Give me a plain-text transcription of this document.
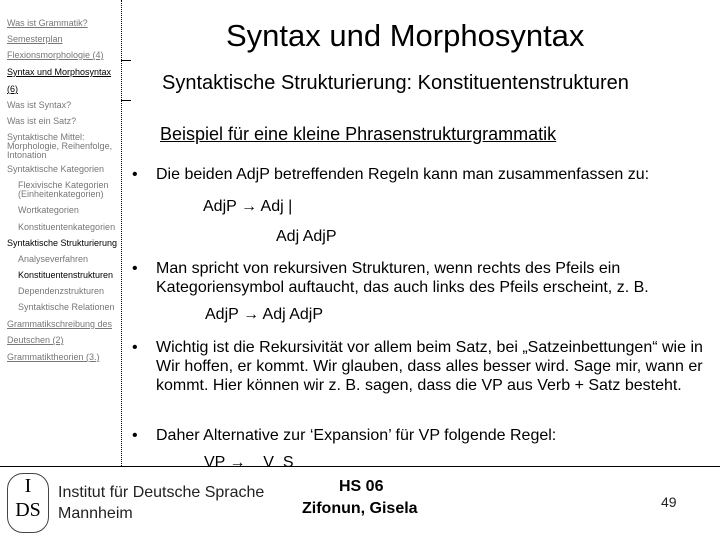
Was ist Grammatik?
Semesterplan
Flexionsmorphologie (4)
Syntax und Morphosyntax
(6)
Was ist Syntax?
Was ist ein Satz?
Syntaktische Mittel:
Morphologie, Reihenfolge,
Intonation
Syntaktische Kategorien
Flexivische Kategorien
(Einheitenkategorien)
Wortkategorien
Konstituentenkategorien
Syntaktische Strukturierung
Analyseverfahren
Konstituentenstrukturen
Dependenzstrukturen
Syntaktische Relationen
Grammatikschreibung des
Deutschen (2)
Grammatiktheorien (3.)
Syntax und Morphosyntax
Syntaktische Strukturierung: Konstituentenstrukturen
Beispiel für eine kleine Phrasenstrukturgrammatik
• Die beiden AdjP betreffenden Regeln kann man zusammenfassen zu:
AdjP → Adj |
Adj AdjP
• Man spricht von rekursiven Strukturen, wenn rechts des Pfeils ein Kategoriensymbol auftaucht, das auch links des Pfeils erscheint, z. B.
AdjP → Adj AdjP
• Wichtig ist die Rekursivität vor allem beim Satz, bei „Satzeinbettungen“ wie in Wir hoffen, er kommt. Wir glauben, dass alles besser wird. Sage mir, wann er kommt. Hier können wir z. B. sagen, dass die VP aus Verb + Satz besteht.
• Daher Alternative zur ‘Expansion’ für VP folgende Regel:
VP →    V  S
I
DS
Institut für Deutsche Sprache
Mannheim
HS 06
Zifonun, Gisela	49
